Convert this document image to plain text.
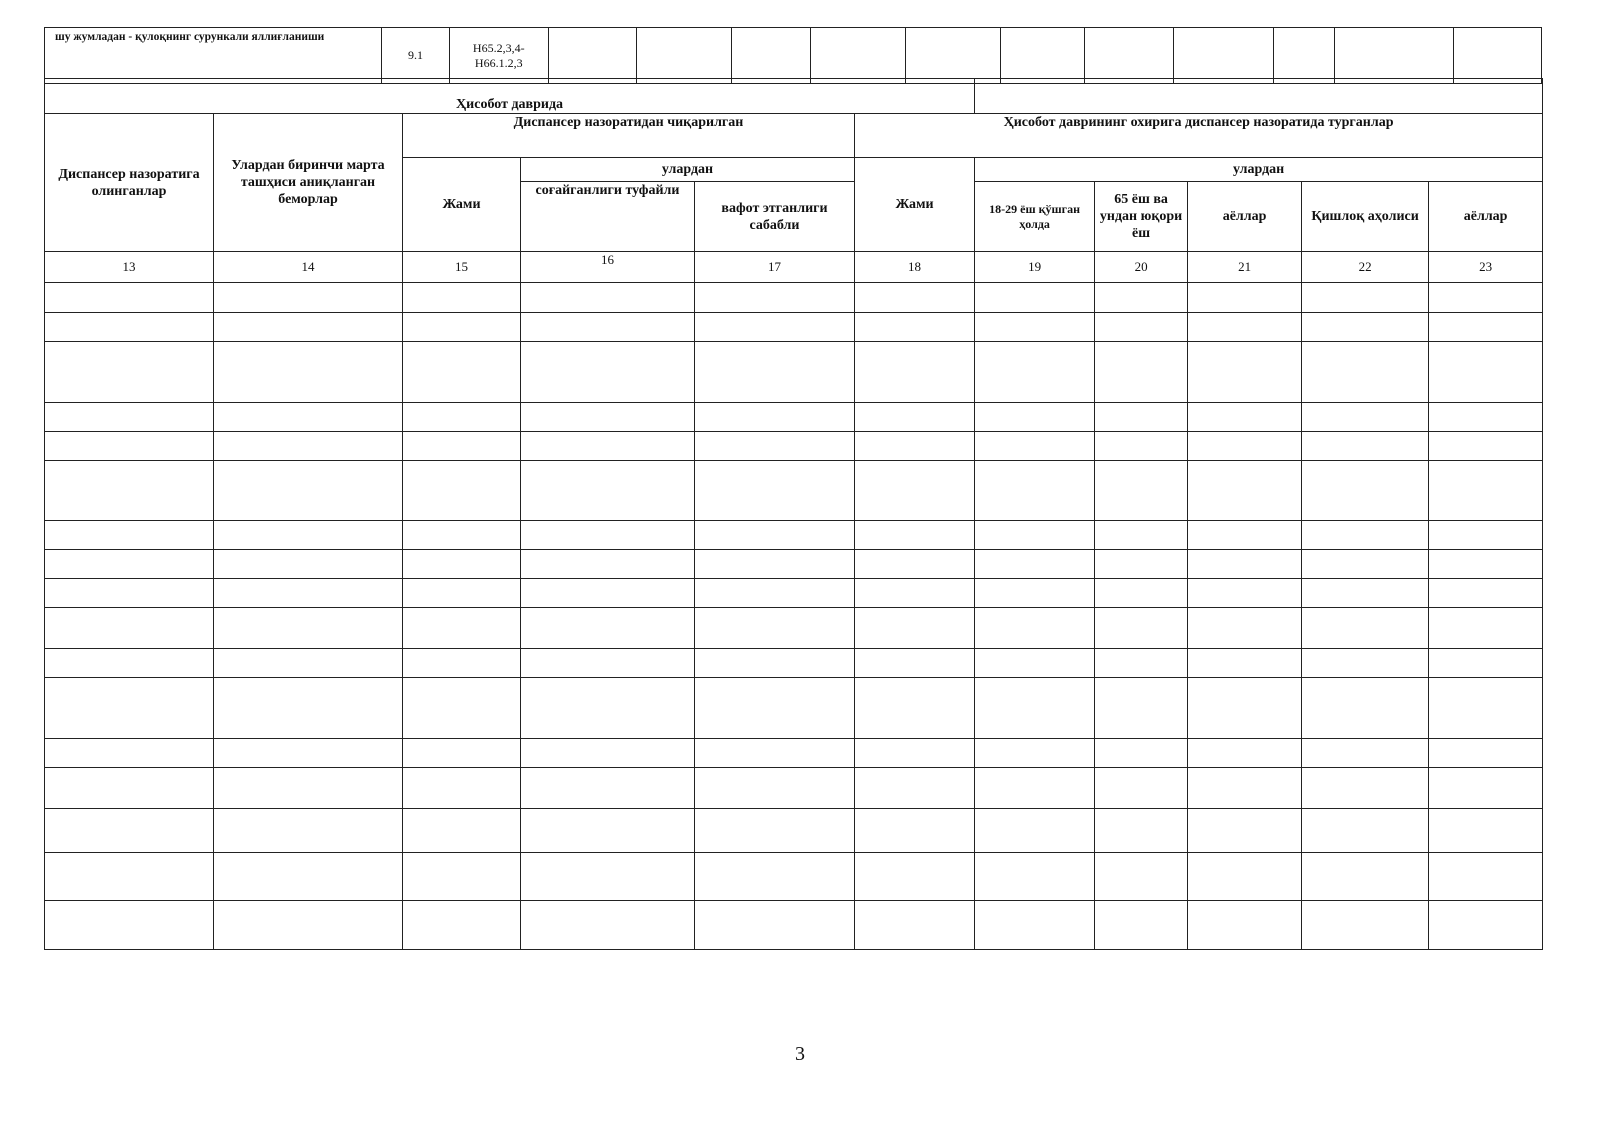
шу жумладан - қулоқнинг сурункали яллиғланиши	9.1	H65.2,3,4-H66.1.2,3											
Ҳисобот даврида										
Диспансер назоратига олинганлар	Улардан биринчи марта ташҳиси аниқланган беморлар	Диспансер назоратидан чиқарилган			Ҳисобот даврининг охирига диспансер назоратида турганлар					
		Жами	улардан		Жами	улардан				
			соғайганлиги туфайли	вафот этганлиги сабабли		18-29 ёш қўшган ҳолда	65 ёш ва ундан юқори ёш	аёллар	Қишлоқ аҳолиси	аёллар
13	14	15	16	17	18	19	20	21	22	23

3
